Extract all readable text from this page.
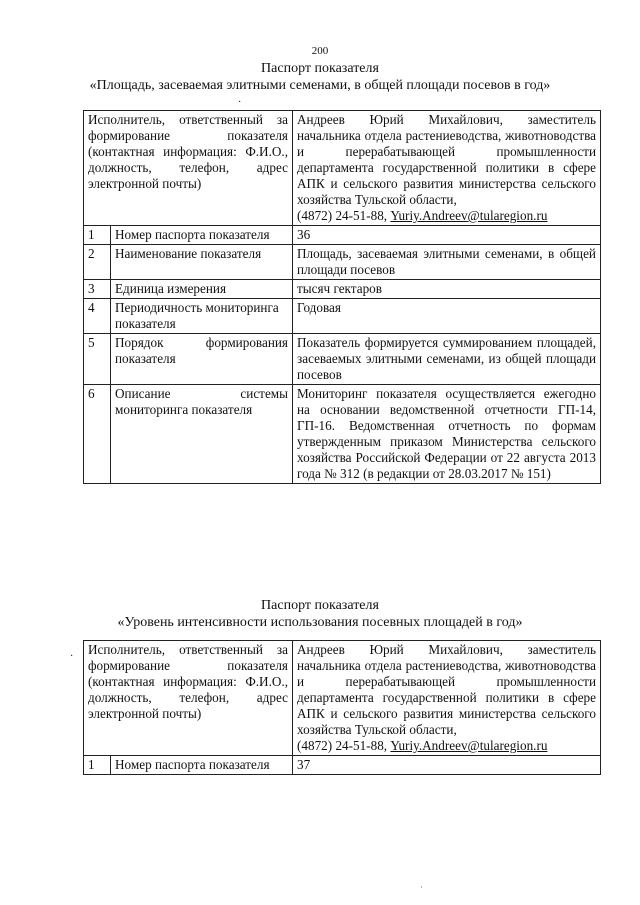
200
Паспорт показателя
«Площадь, засеваемая элитными семенами, в общей площади посевов в год»
·
Исполнитель, ответственный за формирование показателя (контактная информация: Ф.И.О., должность, телефон, адрес электронной почты)		Андреев Юрий Михайлович, заместитель начальника отдела растениеводства, животноводства и перерабатывающей промышленности департамента государственной политики в сфере АПК и сельского развития министерства сельского хозяйства Тульской области,
(4872) 24-51-88, Yuriy.Andreev@tularegion.ru
1	Номер паспорта показателя	36
2	Наименование показателя	Площадь, засеваемая элитными семенами, в общей площади посевов
3	Единица измерения	тысяч гектаров
4	Периодичность мониторинга показателя	Годовая
5	Порядок формирования показателя	Показатель формируется суммированием площадей, засеваемых элитными семенами, из общей площади посевов
6	Описание системы мониторинга показателя	Мониторинг показателя осуществляется ежегодно на основании ведомственной отчетности ГП-14, ГП-16. Ведомственная отчетность по формам утвержденным приказом Министерства сельского хозяйства Российской Федерации от 22 августа 2013 года № 312 (в редакции от 28.03.2017 № 151)
Паспорт показателя
«Уровень интенсивности использования посевных площадей в год»
· Исполнитель, ответственный за формирование показателя (контактная информация: Ф.И.О., должность, телефон, адрес электронной почты)		Андреев Юрий Михайлович, заместитель начальника отдела растениеводства, животноводства и перерабатывающей промышленности департамента государственной политики в сфере АПК и сельского развития министерства сельского хозяйства Тульской области,
(4872) 24-51-88, Yuriy.Andreev@tularegion.ru
1	Номер паспорта показателя	37
·
